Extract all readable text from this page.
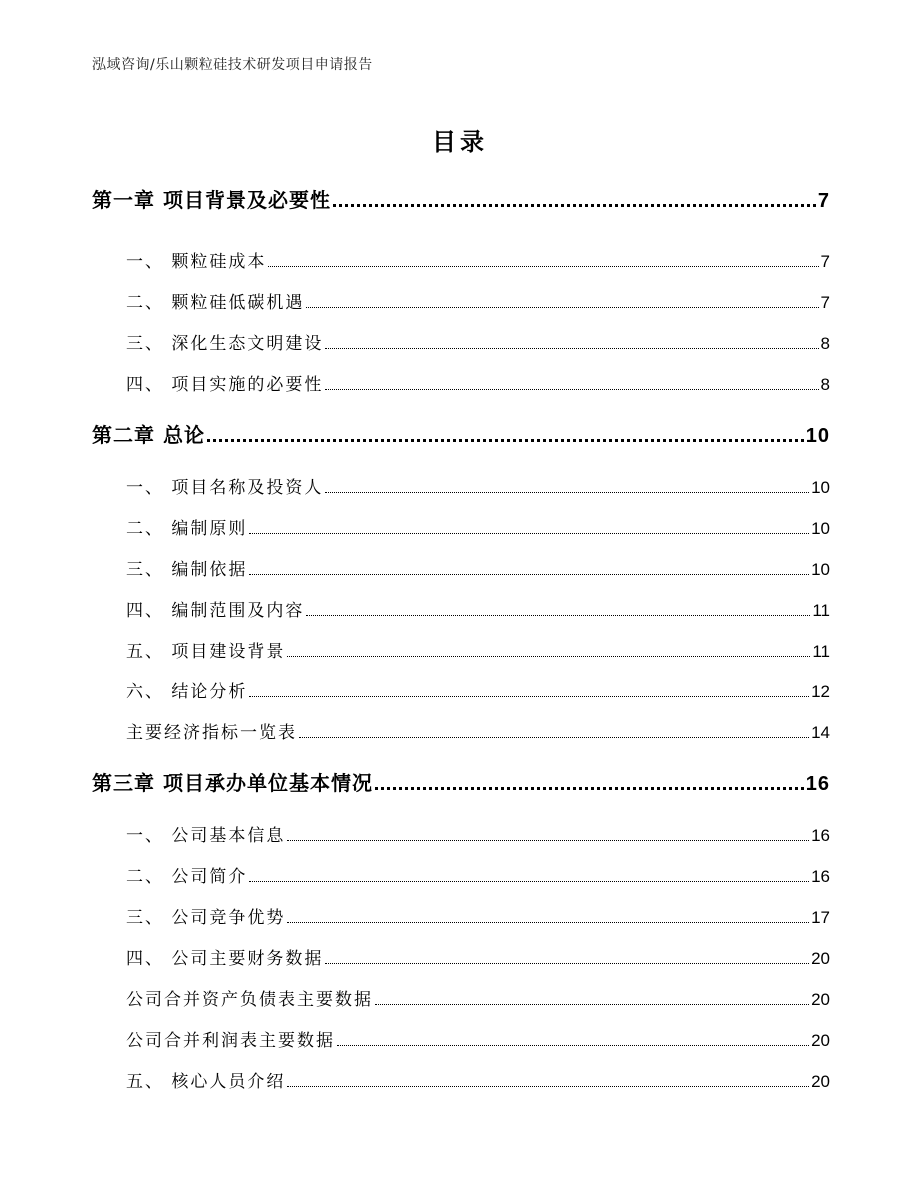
泓域咨询/乐山颗粒硅技术研发项目申请报告
目录
第一章 项目背景及必要性	7
一、 颗粒硅成本	7
二、 颗粒硅低碳机遇	7
三、 深化生态文明建设	8
四、 项目实施的必要性	8
第二章 总论	10
一、 项目名称及投资人	10
二、 编制原则	10
三、 编制依据	10
四、 编制范围及内容	11
五、 项目建设背景	11
六、 结论分析	12
主要经济指标一览表	14
第三章 项目承办单位基本情况	16
一、 公司基本信息	16
二、 公司简介	16
三、 公司竞争优势	17
四、 公司主要财务数据	20
公司合并资产负债表主要数据	20
公司合并利润表主要数据	20
五、 核心人员介绍	20
